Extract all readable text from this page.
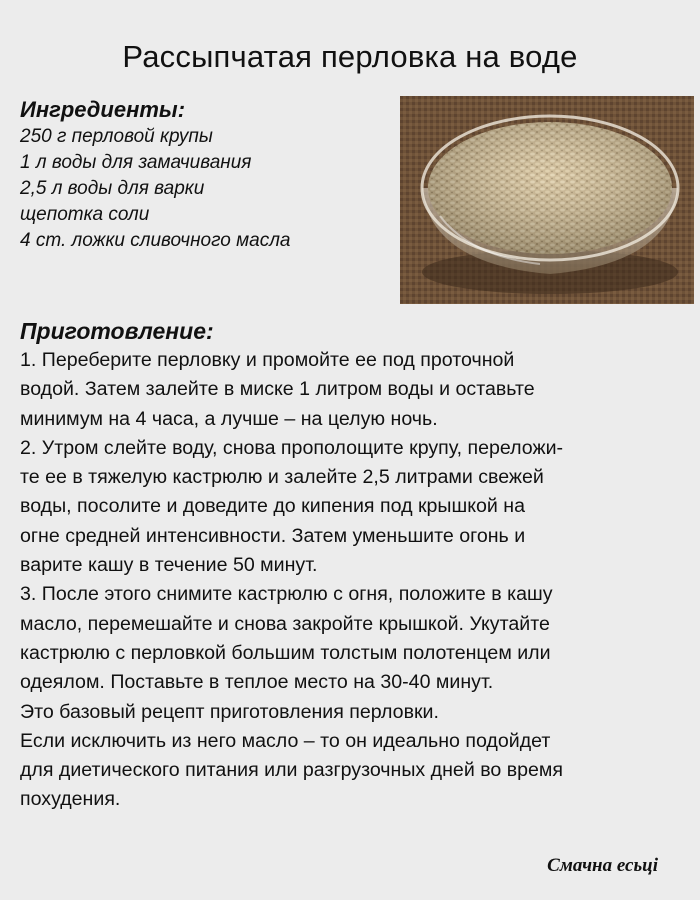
Рассыпчатая перловка на воде
Ингредиенты:
250 г перловой крупы
1 л воды для замачивания
2,5 л воды для варки
щепотка соли
4 ст. ложки сливочного масла
Приготовление:

1. Переберите перловку и промойте ее под проточной

водой. Затем залейте в миске 1 литром воды и оставьте

минимум на 4 часа, а лучше – на целую ночь.

2. Утром слейте воду, снова прополощите крупу, переложи-

те ее в тяжелую кастрюлю и залейте 2,5 литрами свежей

воды, посолите и доведите до кипения под крышкой на

огне средней интенсивности. Затем уменьшите огонь и

варите кашу в течение 50 минут.

3. После этого снимите кастрюлю с огня, положите в кашу

масло, перемешайте и снова закройте крышкой. Укутайте

кастрюлю с перловкой большим толстым полотенцем или

одеялом. Поставьте в теплое место на 30-40 минут.

Это базовый рецепт приготовления перловки.

Если исключить из него масло – то он идеально подойдет

для диетического питания или разгрузочных дней во время

похудения.

Смачна есьці
